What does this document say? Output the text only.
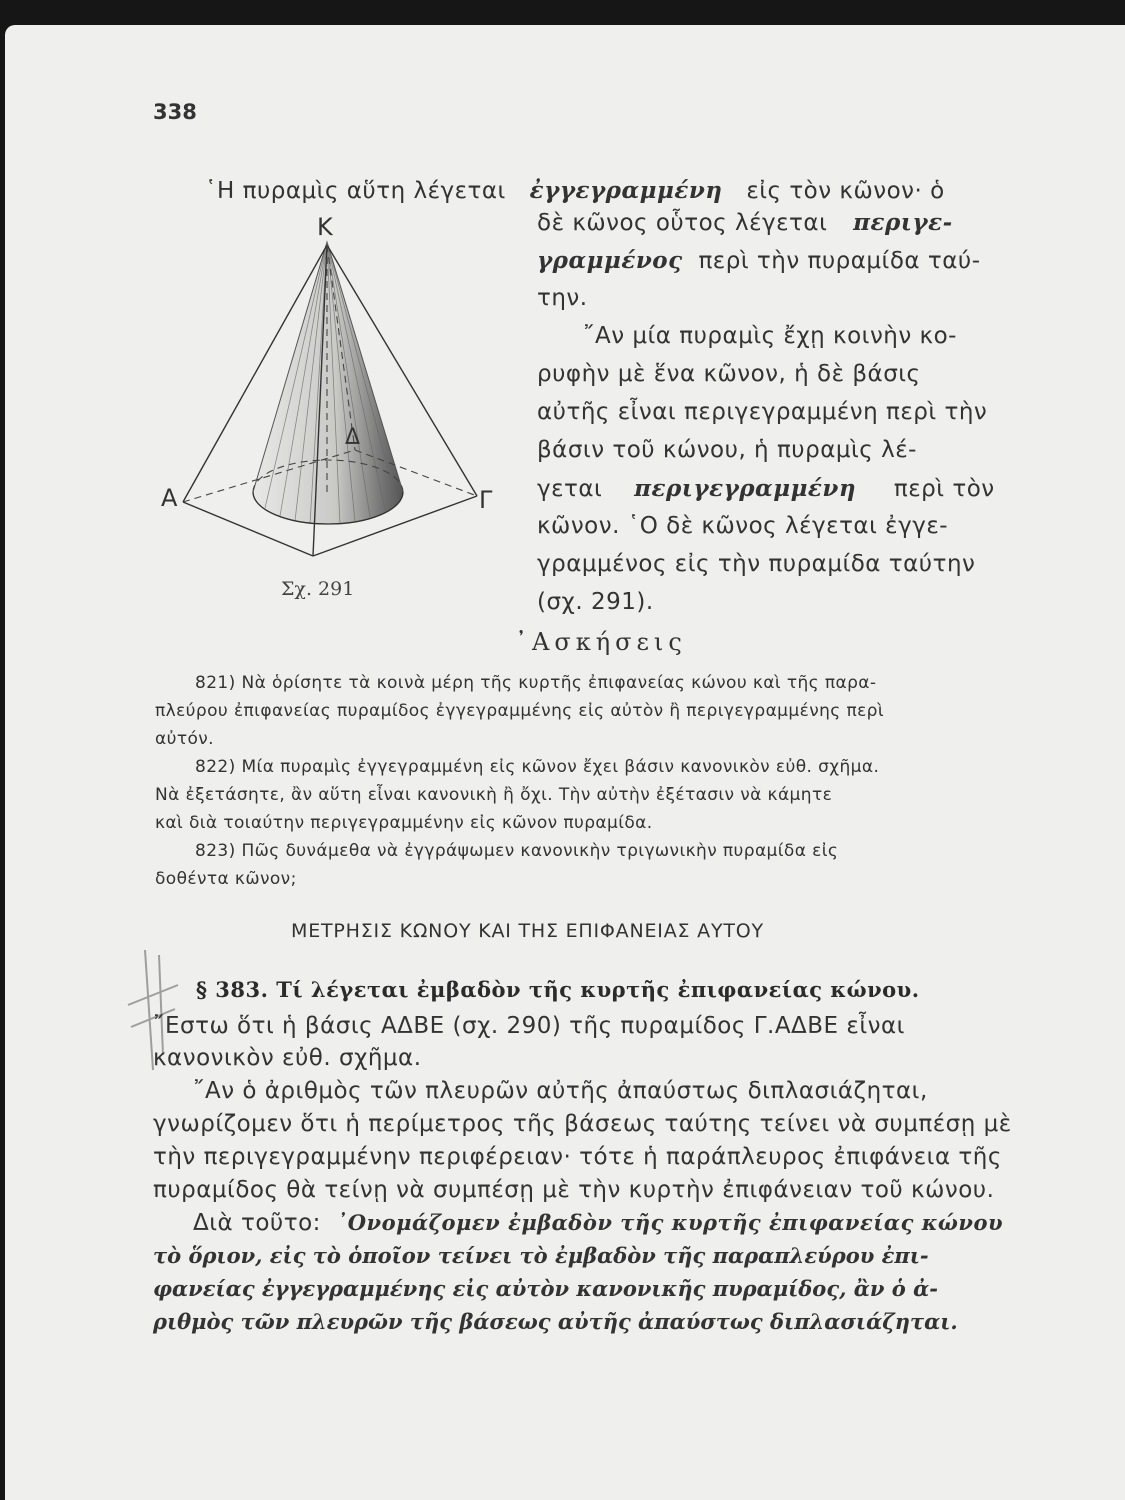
338
῾Η πυραμὶς αὕτη λέγεται ἐγγεγραμμένη εἰς τὸν κῶνον· ὁ
δὲ κῶνος οὗτος λέγεται περιγε-
γραμμένος περὶ τὴν πυραμίδα ταύ-
την.
῎Αν μία πυραμὶς ἔχῃ κοινὴν κο-
ρυφὴν μὲ ἕνα κῶνον, ἡ δὲ βάσις
αὐτῆς εἶναι περιγεγραμμένη περὶ τὴν
βάσιν τοῦ κώνου, ἡ πυραμὶς λέ-
γεται περιγεγραμμένη περὶ τὸν
κῶνον. ῾Ο δὲ κῶνος λέγεται ἐγγε-
γραμμένος εἰς τὴν πυραμίδα ταύτην
(σχ. 291).
Κ
Α	Γ
Δ
Σχ. 291
᾿Ασκήσεις
821) Νὰ ὁρίσητε τὰ κοινὰ μέρη τῆς κυρτῆς ἐπιφανείας κώνου καὶ τῆς παρα-
πλεύρου ἐπιφανείας πυραμίδος ἐγγεγραμμένης εἰς αὐτὸν ἢ περιγεγραμμένης περὶ
αὐτόν.
822) Μία πυραμὶς ἐγγεγραμμένη εἰς κῶνον ἔχει βάσιν κανονικὸν εὐθ. σχῆμα.
Νὰ ἐξετάσητε, ἂν αὕτη εἶναι κανονικὴ ἢ ὄχι. Τὴν αὐτὴν ἐξέτασιν νὰ κάμητε
καὶ διὰ τοιαύτην περιγεγραμμένην εἰς κῶνον πυραμίδα.
823) Πῶς δυνάμεθα νὰ ἐγγράψωμεν κανονικὴν τριγωνικὴν πυραμίδα εἰς
δοθέντα κῶνον;
ΜΕΤΡΗΣΙΣ ΚΩΝΟΥ ΚΑΙ ΤΗΣ ΕΠΙΦΑΝΕΙΑΣ ΑΥΤΟΥ
§ 383. Τί λέγεται ἐμβαδὸν τῆς κυρτῆς ἐπιφανείας κώνου.
῎Εστω ὅτι ἡ βάσις ΑΔΒΕ (σχ. 290) τῆς πυραμίδος Γ.ΑΔΒΕ εἶναι
κανονικὸν εὐθ. σχῆμα.
῎Αν ὁ ἀριθμὸς τῶν πλευρῶν αὐτῆς ἀπαύστως διπλασιάζηται,
γνωρίζομεν ὅτι ἡ περίμετρος τῆς βάσεως ταύτης τείνει νὰ συμπέσῃ μὲ
τὴν περιγεγραμμένην περιφέρειαν· τότε ἡ παράπλευρος ἐπιφάνεια τῆς
πυραμίδος θὰ τείνῃ νὰ συμπέσῃ μὲ τὴν κυρτὴν ἐπιφάνειαν τοῦ κώνου.
Διὰ τοῦτο: ᾿Ονομάζομεν ἐμβαδὸν τῆς κυρτῆς ἐπιφανείας κώνου
τὸ ὅριον, εἰς τὸ ὁποῖον τείνει τὸ ἐμβαδὸν τῆς παραπλεύρου ἐπι-
φανείας ἐγγεγραμμένης εἰς αὐτὸν κανονικῆς πυραμίδος, ἂν ὁ ἀ-
ριθμὸς τῶν πλευρῶν τῆς βάσεως αὐτῆς ἀπαύστως διπλασιάζηται.
